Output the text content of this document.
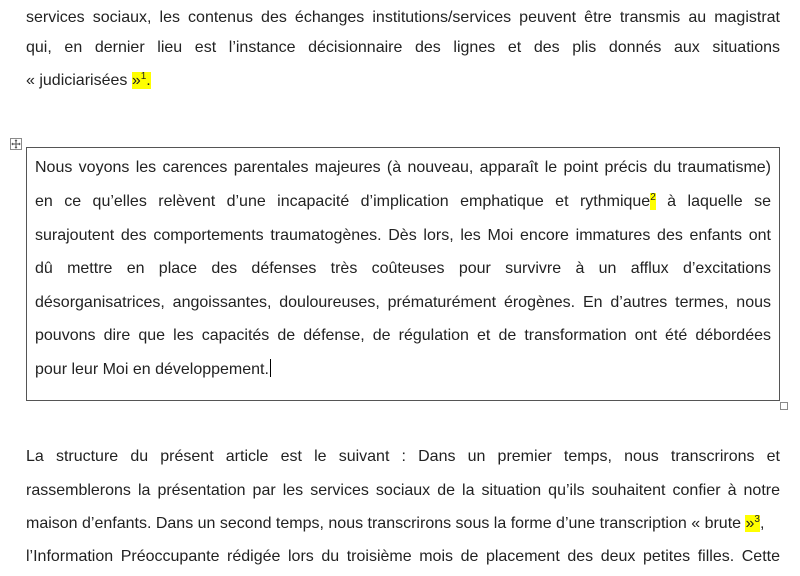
services sociaux, les contenus des échanges institutions/services peuvent être transmis au magistrat

qui, en dernier lieu est l’instance décisionnaire des lignes et des plis donnés aux situations

« judiciarisées »$^1$.

Nous voyons les carences parentales majeures (à nouveau, apparaît le point précis du traumatisme)

en ce qu’elles relèvent d’une incapacité d’implication emphatique et rythmique$^2$ à laquelle se

surajoutent des comportements traumatogènes. Dès lors, les Moi encore immatures des enfants ont

dû mettre en place des défenses très coûteuses pour survivre à un afflux d’excitations

désorganisatrices, angoissantes, douloureuses, prématurément érogènes. En d’autres termes, nous

pouvons dire que les capacités de défense, de régulation et de transformation ont été débordées

pour leur Moi en développement.

La structure du présent article est le suivant : Dans un premier temps, nous transcrirons et

rassemblerons la présentation par les services sociaux de la situation qu’ils souhaitent confier à notre

maison d’enfants. Dans un second temps, nous transcrirons sous la forme d’une transcription « brute »$^3$,

l’Information Préoccupante rédigée lors du troisième mois de placement des deux petites filles. Cette
